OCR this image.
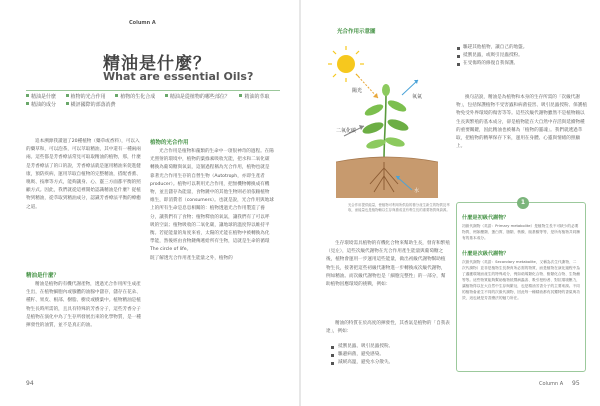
Column A
精油是什麼？
What are essential Oils?
精油是什麼	植物的光合作用	植物的生化合成	精油是從植物的哪些部位？	精油的萃取 精油的成分	橫評國際的部落消費

追本溯源我讀過了20種植物（藥草或香料），可以入的藥草和，可以泡茶，可以萃取精油，其中還有一種兩兩兩。這些都是芳香療法常見可取取精油的植物，那，什麼是芳香療法了的口的說，芳香療法就是運用精油來促進健康，預防疾病，運用萃取自植物的完整精油，搭配香薰、嗅吸、按摩等方式，能夠讓身、心、靈三方面都平衡的照顧方式。因此，我們就從這裡開始認識精油是什麼？從植物到精油，從萃取到精油成分，認識芳香療法平衡的療癒之道。

精油是什麼？

精油是植物的有機代謝產物，透過光合作用所生成產生出，在植物細胞內或腺體的油腺中儲存，儲存在花朵、種籽、果皮、根部、樹脂、樹皮或樹葉中。植物精油是植物生長時所需的，且具有特殊的芳香分子，這些芳香分子是植物在演化中為了生存所發展出來的化學物質，是一種揮發性的油質，並不是真正的油。

植物的光合作用

光合作用是植物和藻類的生命中一項很神奇的過程。在陽光照射的環境中，植物的葉綠素吸收光能，把水和二氧化碳轉換為葡萄糖與氧氣，這個過程稱為光合作用，植物也就是靠著光合作用生存的自營生物（Autotroph，亦即生產者 producer）。植物可以利用光合作用，把無機物轉換成有機物，並且儲存為能量，食物鏈中的其他生物則必須依賴植物維生，即消費者（consumers）。也就是說，光合作用與地球上的所有生命是息息相關的：植物透過光合作用製造了養分，讓我們有了食物；植物釋放的氧氣，讓我們有了可以呼吸的空氣；植物吸收的二氧化碳，讓地球的溫度得以維持平衡。若從能量的角度來看，太陽的光能在植物中被轉換為化學能，然後經由食物鏈傳遞給所有生物，這就是生命的循環 The circle of life。
既了解透光合作用產生能量之外，植物的

94
光合作用示意圖
陽光
氧氣
二氧化碳
水

光合作用提供能量，使植物可利用所供給的養分產生新生的物質及萃取，而能量也是植物賴以生存與養成並有利生長的重要物質與資源。

驅趕其他植物，讓自己的地盤。
抵禦昆蟲，或吸引昆蟲授粉。
在受傷時的修復自我保護。

換句話說，精油是為植物和本身的生存所需的「次級代謝物」，包括保護植物不受害蟲和病菌侵害、吸引昆蟲授粉、保護植物免受外界環境的傷害等等。這些次級代謝物雖然不是植物賴以生長與繁殖的基本成分，卻是植物能在大自然中存活與延續物種的重要關鍵，因此精油也被稱為「植物的靈魂」。我們就透過萃取，把植物的精華保存下來，運用在身體、心靈與情緒的照顧上。

生存環境需具植物的有機化合物來幫助生長，發育和繁殖（見左），這些次級代謝物在光合作用產生能量與葡萄糖之後，植物會運用一步運用這些能量，做出初級代謝物幫助植物生長，接著把這些初級代謝物進一步轉換成次級代謝物，例如精油。而次級代謝物也是「細胞完整性」的一部分，幫助植物因應環境的挑戰，例如：

精油的特質在於高度的揮發性，其香氣是植物的「自我表達」，例如：

抵禦昆蟲、吸引昆蟲授粉。
驅避病菌，避免感染。
減緩高溫，避免水分散失。
1
什麼是初級代謝物？

初級代謝物（英語：Primary metabolite）是植物生長不可缺少的必要物質，例如醣類、蛋白質、脂類、核酸、胺基酸等等，是所有植物共同擁有的基本成分。

什麼是次級代謝物？

次級代謝物（英語：Secondary metabolite，又稱為次生代謝物、二次代謝物）並非是植物生長發育所必需的物質，而是植物在演化過程中為了適應環境而產生的特殊成分，例如萜烯類化合物、酚類化合物、生物鹼等等。這些物質能夠幫助植物抵禦病蟲害、吸引授粉者、對抗環境壓力，讓植物得以在大自然中生存與繁衍，也是精油芳香分子的主要來源。不同的植物會產生不同的次級代謝物，因此每一種精油都有其獨特的香氣與功效，這也就是芳香療法的魅力所在。

Column A 95
